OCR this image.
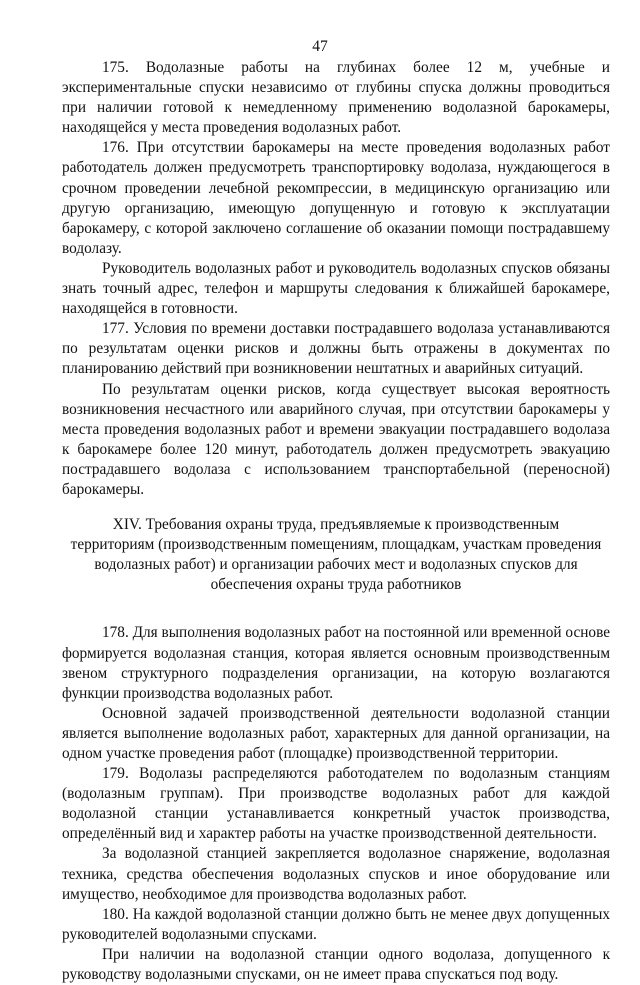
47

175. Водолазные работы на глубинах более 12 м, учебные и экспериментальные спуски независимо от глубины спуска должны проводиться при наличии готовой к немедленному применению водолазной барокамеры, находящейся у места проведения водолазных работ.

176. При отсутствии барокамеры на месте проведения водолазных работ работодатель должен предусмотреть транспортировку водолаза, нуждающегося в срочном проведении лечебной рекомпрессии, в медицинскую организацию или другую организацию, имеющую допущенную и готовую к эксплуатации барокамеру, с которой заключено соглашение об оказании помощи пострадавшему водолазу.

Руководитель водолазных работ и руководитель водолазных спусков обязаны знать точный адрес, телефон и маршруты следования к ближайшей барокамере, находящейся в готовности.

177. Условия по времени доставки пострадавшего водолаза устанавливаются по результатам оценки рисков и должны быть отражены в документах по планированию действий при возникновении нештатных и аварийных ситуаций.

По результатам оценки рисков, когда существует высокая вероятность возникновения несчастного или аварийного случая, при отсутствии барокамеры у места проведения водолазных работ и времени эвакуации пострадавшего водолаза к барокамере более 120 минут, работодатель должен предусмотреть эвакуацию пострадавшего водолаза с использованием транспортабельной (переносной) барокамеры.

XIV. Требования охраны труда, предъявляемые к производственным территориям (производственным помещениям, площадкам, участкам проведения водолазных работ) и организации рабочих мест и водолазных спусков для обеспечения охраны труда работников

178. Для выполнения водолазных работ на постоянной или временной основе формируется водолазная станция, которая является основным производственным звеном структурного подразделения организации, на которую возлагаются функции производства водолазных работ.

Основной задачей производственной деятельности водолазной станции является выполнение водолазных работ, характерных для данной организации, на одном участке проведения работ (площадке) производственной территории.

179. Водолазы распределяются работодателем по водолазным станциям (водолазным группам). При производстве водолазных работ для каждой водолазной станции устанавливается конкретный участок производства, определённый вид и характер работы на участке производственной деятельности.

За водолазной станцией закрепляется водолазное снаряжение, водолазная техника, средства обеспечения водолазных спусков и иное оборудование или имущество, необходимое для производства водолазных работ.

180. На каждой водолазной станции должно быть не менее двух допущенных руководителей водолазными спусками.

При наличии на водолазной станции одного водолаза, допущенного к руководству водолазными спусками, он не имеет права спускаться под воду.
